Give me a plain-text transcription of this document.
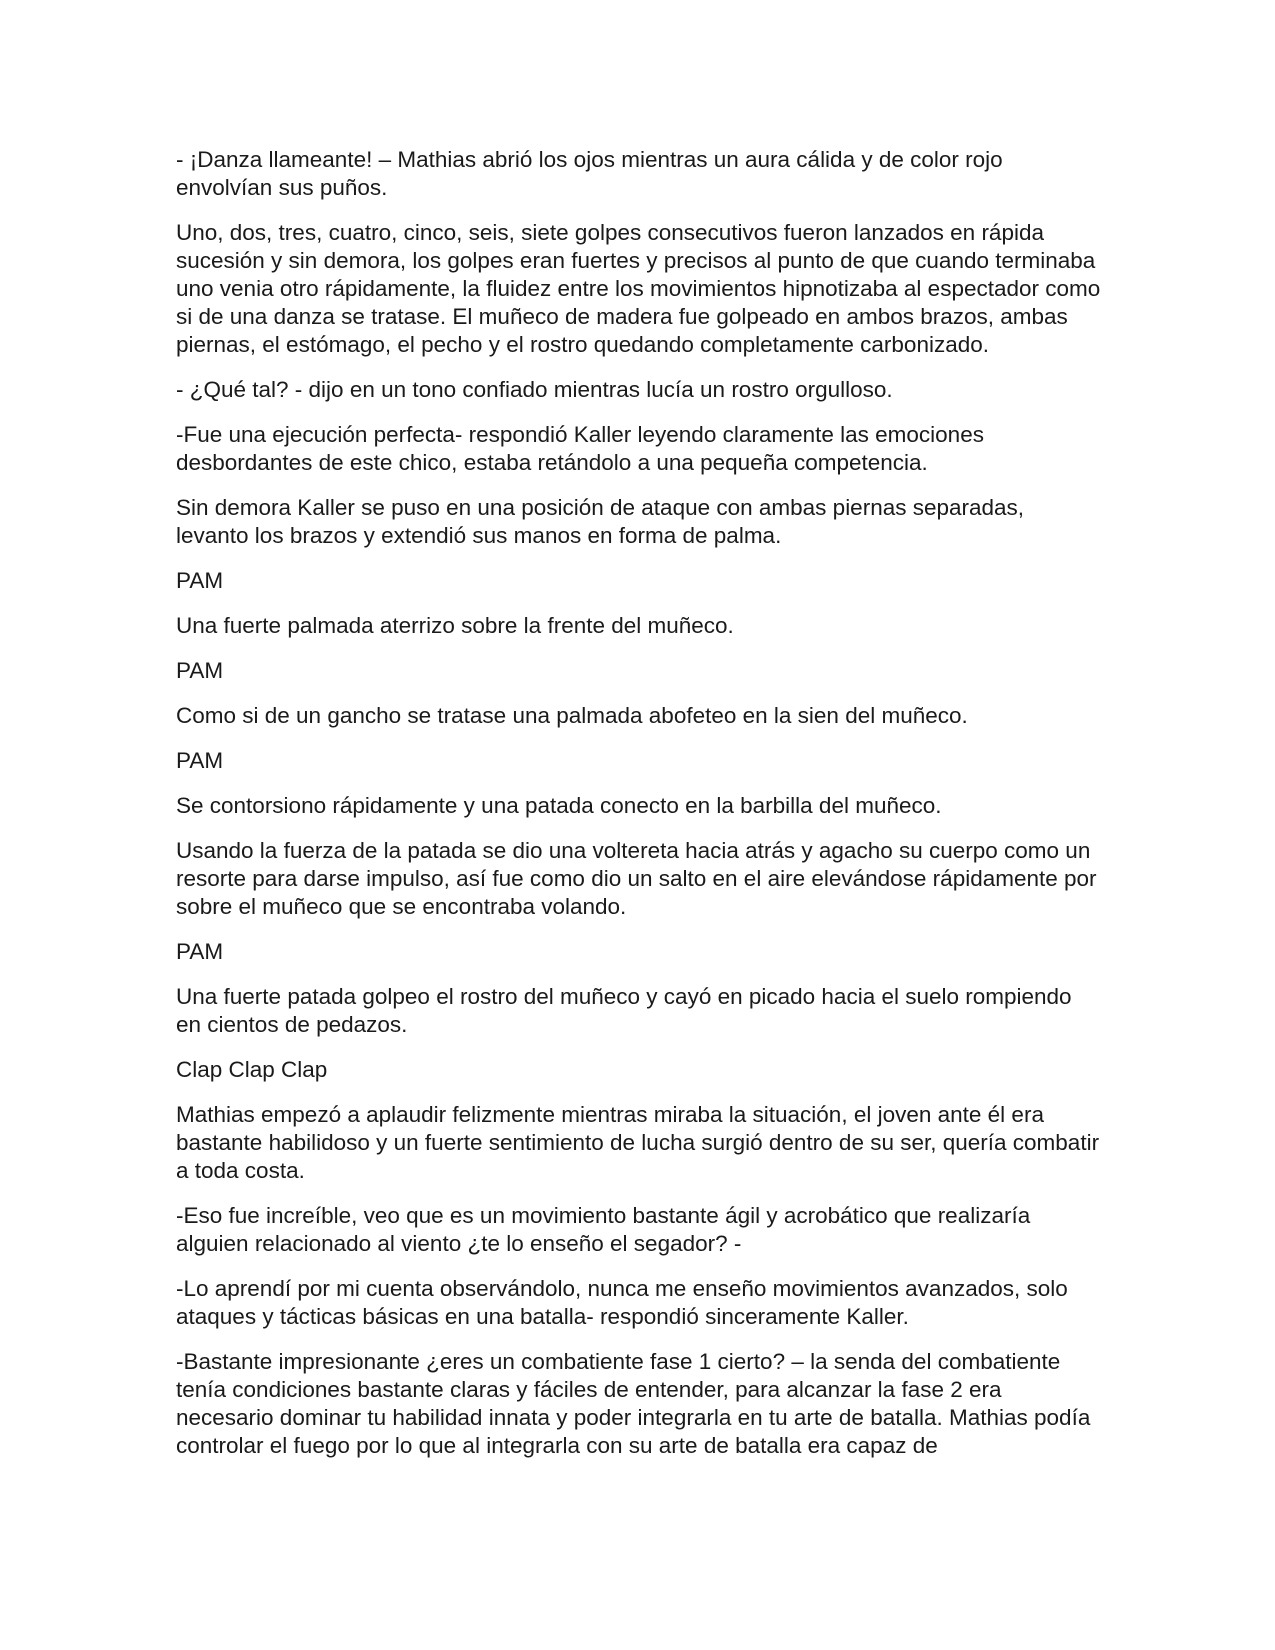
- ¡Danza llameante! – Mathias abrió los ojos mientras un aura cálida y de color rojo envolvían sus puños.

Uno, dos, tres, cuatro, cinco, seis, siete golpes consecutivos fueron lanzados en rápida sucesión y sin demora, los golpes eran fuertes y precisos al punto de que cuando terminaba uno venia otro rápidamente, la fluidez entre los movimientos hipnotizaba al espectador como si de una danza se tratase. El muñeco de madera fue golpeado en ambos brazos, ambas piernas, el estómago, el pecho y el rostro quedando completamente carbonizado.

- ¿Qué tal? - dijo en un tono confiado mientras lucía un rostro orgulloso.

-Fue una ejecución perfecta- respondió Kaller leyendo claramente las emociones desbordantes de este chico, estaba retándolo a una pequeña competencia.

Sin demora Kaller se puso en una posición de ataque con ambas piernas separadas, levanto los brazos y extendió sus manos en forma de palma.

PAM

Una fuerte palmada aterrizo sobre la frente del muñeco.

PAM

Como si de un gancho se tratase una palmada abofeteo en la sien del muñeco.

PAM

Se contorsiono rápidamente y una patada conecto en la barbilla del muñeco.

Usando la fuerza de la patada se dio una voltereta hacia atrás y agacho su cuerpo como un resorte para darse impulso, así fue como dio un salto en el aire elevándose rápidamente por sobre el muñeco que se encontraba volando.

PAM

Una fuerte patada golpeo el rostro del muñeco y cayó en picado hacia el suelo rompiendo en cientos de pedazos.

Clap Clap Clap

Mathias empezó a aplaudir felizmente mientras miraba la situación, el joven ante él era bastante habilidoso y un fuerte sentimiento de lucha surgió dentro de su ser, quería combatir a toda costa.

-Eso fue increíble, veo que es un movimiento bastante ágil y acrobático que realizaría alguien relacionado al viento ¿te lo enseño el segador? -

-Lo aprendí por mi cuenta observándolo, nunca me enseño movimientos avanzados, solo ataques y tácticas básicas en una batalla- respondió sinceramente Kaller.

-Bastante impresionante ¿eres un combatiente fase 1 cierto? – la senda del combatiente tenía condiciones bastante claras y fáciles de entender, para alcanzar la fase 2 era necesario dominar tu habilidad innata y poder integrarla en tu arte de batalla. Mathias podía controlar el fuego por lo que al integrarla con su arte de batalla era capaz de
